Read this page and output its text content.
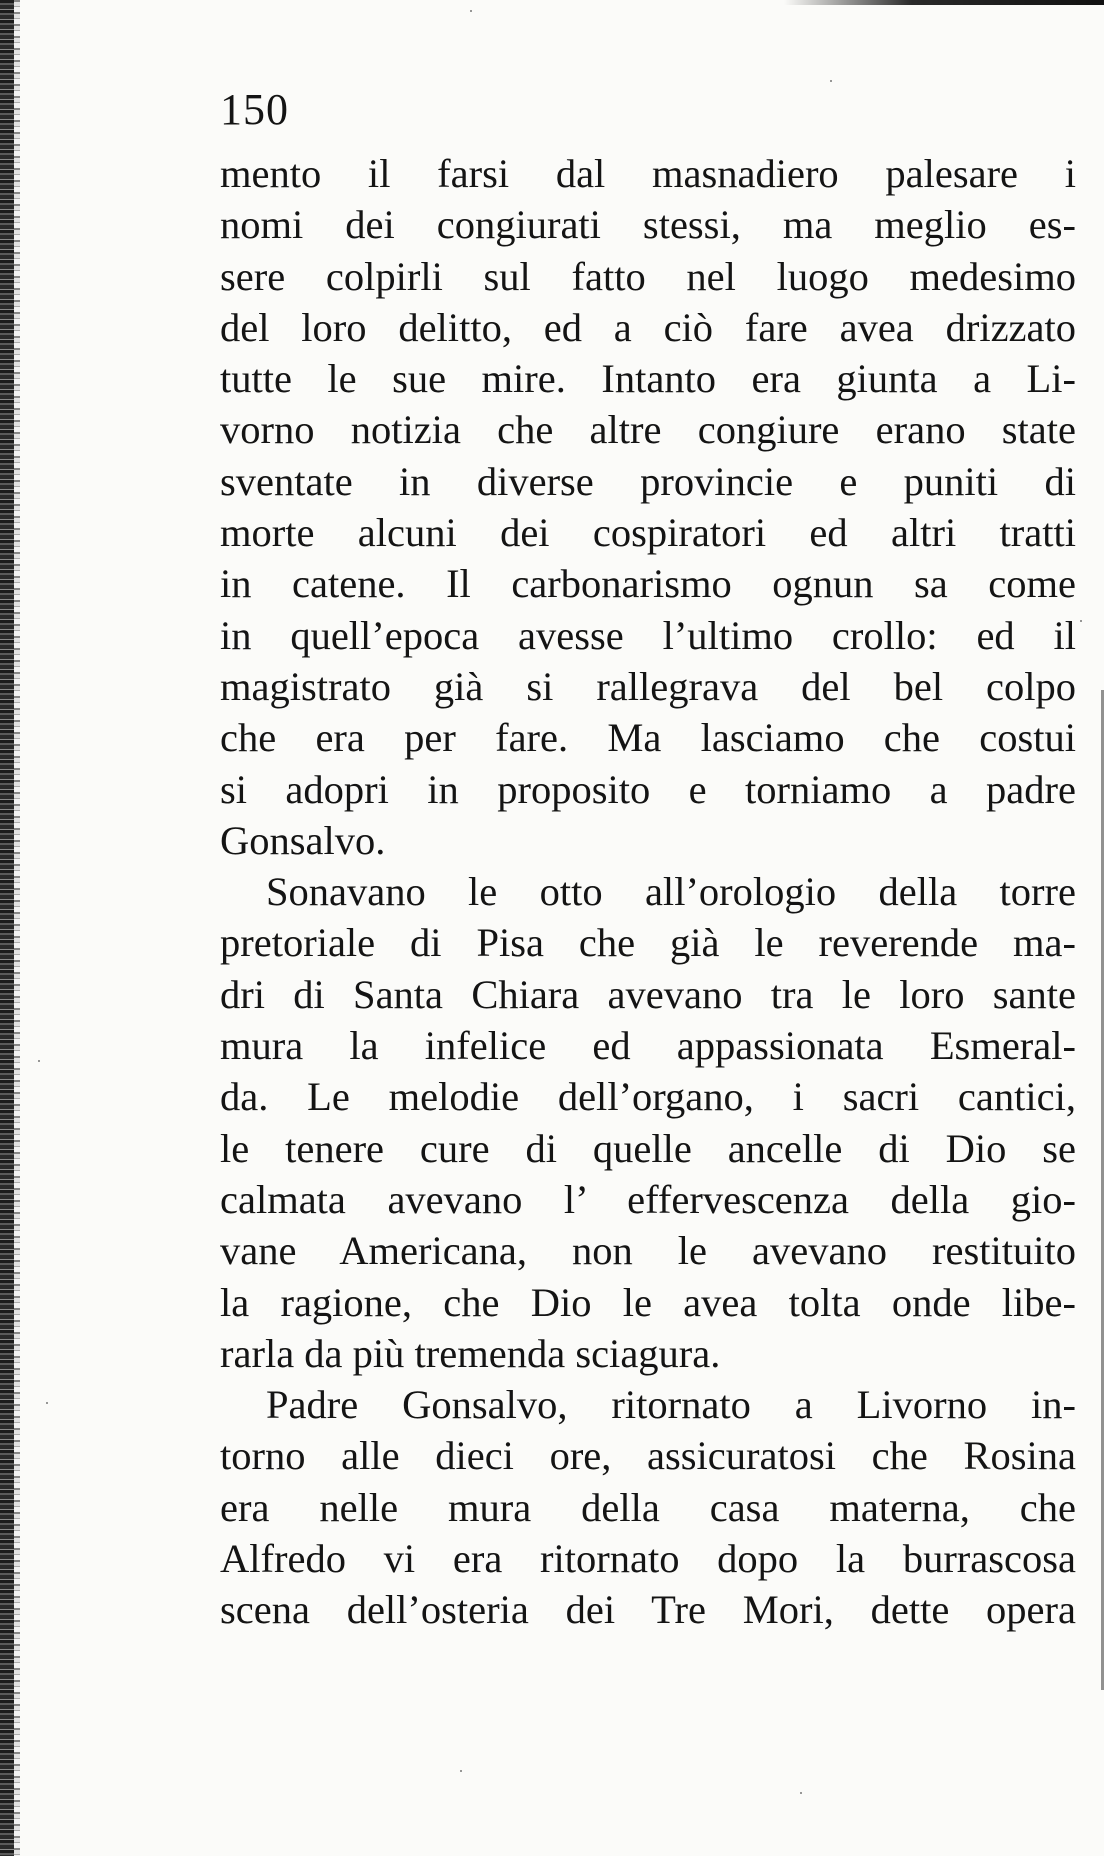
150
mento il farsi dal masnadiero palesare i
nomi dei congiurati stessi, ma meglio es-
sere colpirli sul fatto nel luogo medesimo
del loro delitto, ed a ciò fare avea drizzato
tutte le sue mire. Intanto era giunta a Li-
vorno notizia che altre congiure erano state
sventate in diverse provincie e puniti di
morte alcuni dei cospiratori ed altri tratti
in catene. Il carbonarismo ognun sa come
in quell’epoca avesse l’ultimo crollo: ed il
magistrato già si rallegrava del bel colpo
che era per fare. Ma lasciamo che costui
si adopri in proposito e torniamo a padre
Gonsalvo.
Sonavano le otto all’orologio della torre
pretoriale di Pisa che già le reverende ma-
dri di Santa Chiara avevano tra le loro sante
mura la infelice ed appassionata Esmeral-
da. Le melodie dell’organo, i sacri cantici,
le tenere cure di quelle ancelle di Dio se
calmata avevano l’ effervescenza della gio-
vane Americana, non le avevano restituito
la ragione, che Dio le avea tolta onde libe-
rarla da più tremenda sciagura.
Padre Gonsalvo, ritornato a Livorno in-
torno alle dieci ore, assicuratosi che Rosina
era nelle mura della casa materna, che
Alfredo vi era ritornato dopo la burrascosa
scena dell’osteria dei Tre Mori, dette opera
